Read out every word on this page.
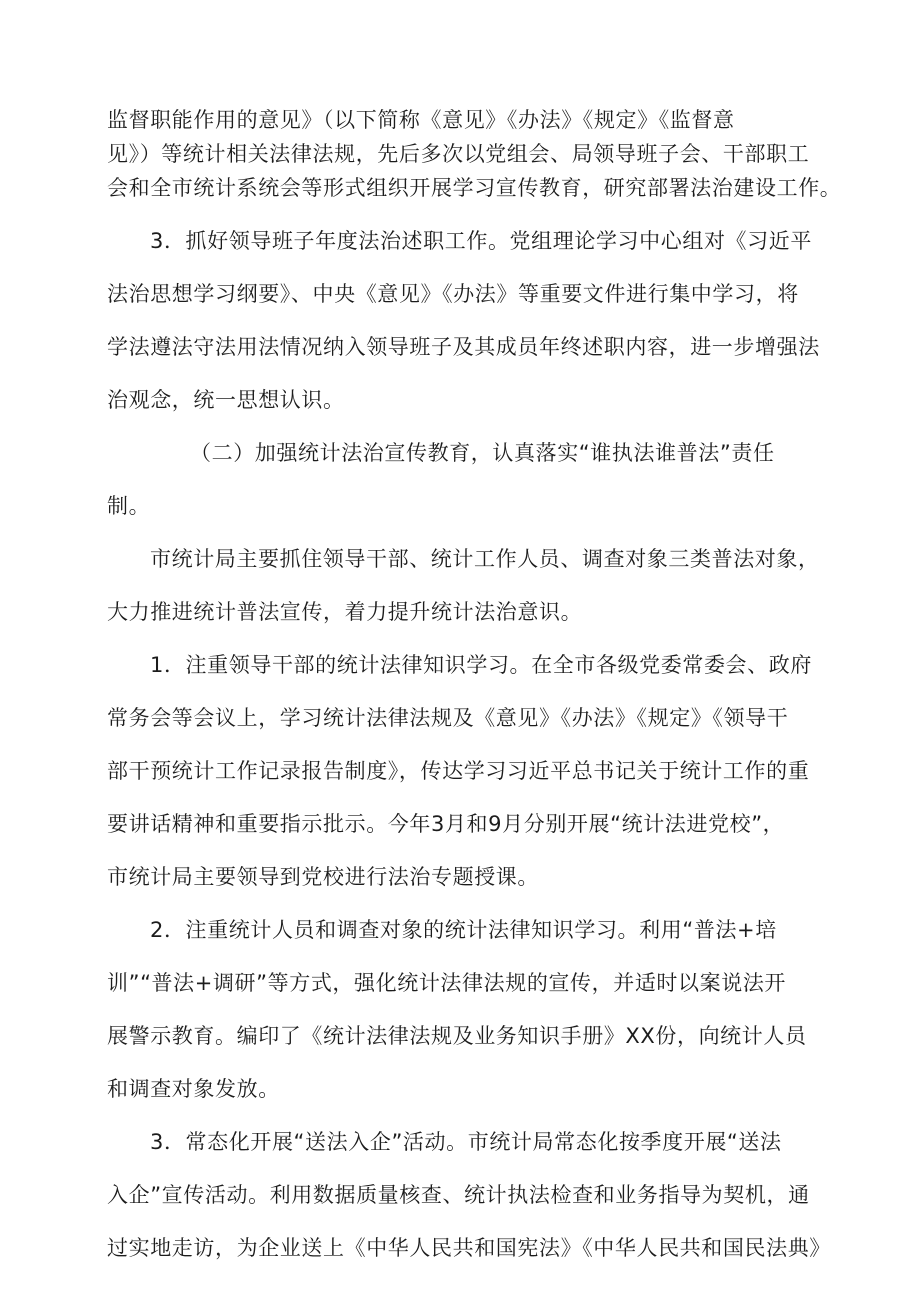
监督职能作用的意见》（以下简称《意见》《办法》《规定》《监督意

见》）等统计相关法律法规，先后多次以党组会、局领导班子会、干部职工

会和全市统计系统会等形式组织开展学习宣传教育，研究部署法治建设工作。

3．抓好领导班子年度法治述职工作。党组理论学习中心组对《习近平

法治思想学习纲要》、中央《意见》《办法》等重要文件进行集中学习，将

学法遵法守法用法情况纳入领导班子及其成员年终述职内容，进一步增强法

治观念，统一思想认识。

（二）加强统计法治宣传教育，认真落实“谁执法谁普法”责任

制。

市统计局主要抓住领导干部、统计工作人员、调查对象三类普法对象，

大力推进统计普法宣传，着力提升统计法治意识。

1．注重领导干部的统计法律知识学习。在全市各级党委常委会、政府

常务会等会议上，学习统计法律法规及《意见》《办法》《规定》《领导干

部干预统计工作记录报告制度》，传达学习习近平总书记关于统计工作的重

要讲话精神和重要指示批示。今年3月和9月分别开展“统计法进党校”，

市统计局主要领导到党校进行法治专题授课。

2．注重统计人员和调查对象的统计法律知识学习。利用“普法+培

训”“普法+调研”等方式，强化统计法律法规的宣传，并适时以案说法开

展警示教育。编印了《统计法律法规及业务知识手册》XX份，向统计人员

和调查对象发放。

3．常态化开展“送法入企”活动。市统计局常态化按季度开展“送法

入企”宣传活动。利用数据质量核查、统计执法检查和业务指导为契机，通

过实地走访，为企业送上《中华人民共和国宪法》《中华人民共和国民法典》
